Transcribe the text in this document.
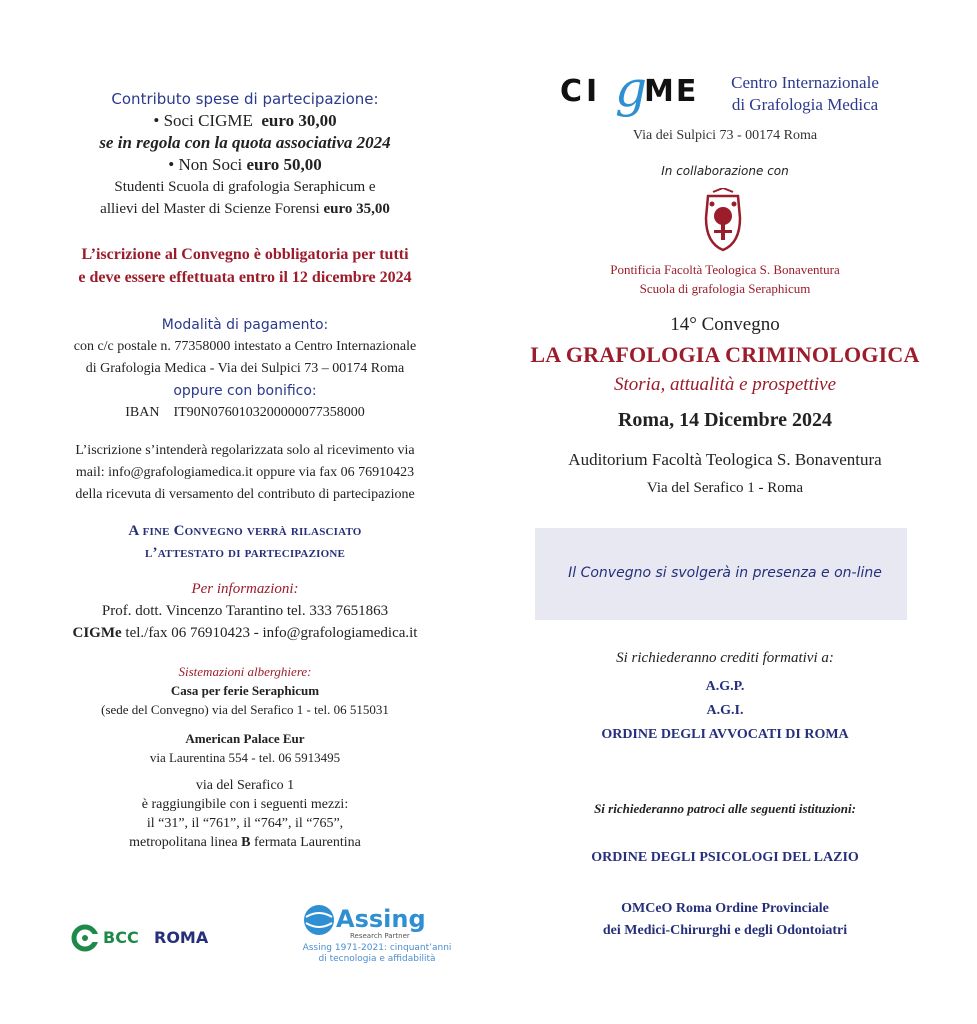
Contributo spese di partecipazione:
• Soci CIGME euro 30,00
se in regola con la quota associativa 2024
• Non Soci euro 50,00
Studenti Scuola di grafologia Seraphicum e
allievi del Master di Scienze Forensi euro 35,00
L’iscrizione al Convegno è obbligatoria per tutti
e deve essere effettuata entro il 12 dicembre 2024
Modalità di pagamento:
con c/c postale n. 77358000 intestato a Centro Internazionale
di Grafologia Medica - Via dei Sulpici 73 – 00174 Roma
oppure con bonifico:
IBAN IT90N0760103200000077358000
L’iscrizione s’intenderà regolarizzata solo al ricevimento via
mail: info@grafologiamedica.it oppure via fax 06 76910423
della ricevuta di versamento del contributo di partecipazione
A fine Convegno verrà rilasciato
l’attestato di partecipazione
Per informazioni:
Prof. dott. Vincenzo Tarantino tel. 333 7651863
CIGMe tel./fax 06 76910423 - info@grafologiamedica.it
Sistemazioni alberghiere:
Casa per ferie Seraphicum
(sede del Convegno) via del Serafico 1 - tel. 06 515031
American Palace Eur
via Laurentina 554 - tel. 06 5913495
via del Serafico 1
è raggiungibile con i seguenti mezzi:
il “31”, il “761”, il “764”, il “765”,
metropolitana linea B fermata Laurentina
BCC ROMA
Assing
Research Partner
Assing 1971-2021: cinquant’anni
di tecnologia e affidabilità
CI g
ME	Centro Internazionale
di Grafologia Medica
Via dei Sulpici 73 - 00174 Roma
In collaborazione con
Pontificia Facoltà Teologica S. Bonaventura
Scuola di grafologia Seraphicum
14° Convegno
LA GRAFOLOGIA CRIMINOLOGICA
Storia, attualità e prospettive
Roma, 14 Dicembre 2024
Auditorium Facoltà Teologica S. Bonaventura
Via del Serafico 1 - Roma
Il Convegno si svolgerà in presenza e on-line
Si richiederanno crediti formativi a:
A.G.P.
A.G.I.
ORDINE DEGLI AVVOCATI DI ROMA
Si richiederanno patroci alle seguenti istituzioni:
ORDINE DEGLI PSICOLOGI DEL LAZIO
OMCeO Roma Ordine Provinciale
dei Medici-Chirurghi e degli Odontoiatri
